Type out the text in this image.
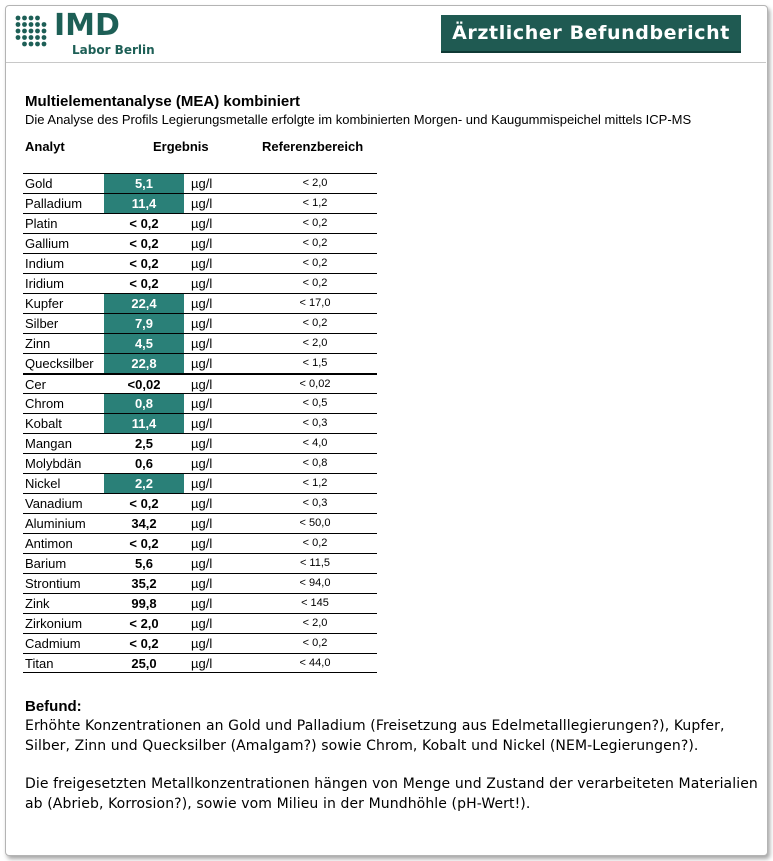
IMD
Labor Berlin
Ärztlicher Befundbericht
Multielementanalyse (MEA) kombiniert
Die Analyse des Profils Legierungsmetalle erfolgte im kombinierten Morgen- und Kaugummispeichel mittels ICP-MS
Analyt	Ergebnis	Referenzbereich
Gold	5,1	µg/l	< 2,0
Palladium	11,4	µg/l	< 1,2
Platin	< 0,2	µg/l	< 0,2
Gallium	< 0,2	µg/l	< 0,2
Indium	< 0,2	µg/l	< 0,2
Iridium	< 0,2	µg/l	< 0,2
Kupfer	22,4	µg/l	< 17,0
Silber	7,9	µg/l	< 0,2
Zinn	4,5	µg/l	< 2,0
Quecksilber	22,8	µg/l	< 1,5
Cer	<0,02	µg/l	< 0,02
Chrom	0,8	µg/l	< 0,5
Kobalt	11,4	µg/l	< 0,3
Mangan	2,5	µg/l	< 4,0
Molybdän	0,6	µg/l	< 0,8
Nickel	2,2	µg/l	< 1,2
Vanadium	< 0,2	µg/l	< 0,3
Aluminium	34,2	µg/l	< 50,0
Antimon	< 0,2	µg/l	< 0,2
Barium	5,6	µg/l	< 11,5
Strontium	35,2	µg/l	< 94,0
Zink	99,8	µg/l	< 145
Zirkonium	< 2,0	µg/l	< 2,0
Cadmium	< 0,2	µg/l	< 0,2
Titan	25,0	µg/l	< 44,0
Befund:

Erhöhte Konzentrationen an Gold und Palladium (Freisetzung aus Edelmetalllegierungen?), Kupfer, Silber, Zinn und Quecksilber (Amalgam?) sowie Chrom, Kobalt und Nickel (NEM-Legierungen?).

Die freigesetzten Metallkonzentrationen hängen von Menge und Zustand der verarbeiteten Materialien ab (Abrieb, Korrosion?), sowie vom Milieu in der Mundhöhle (pH-Wert!).
